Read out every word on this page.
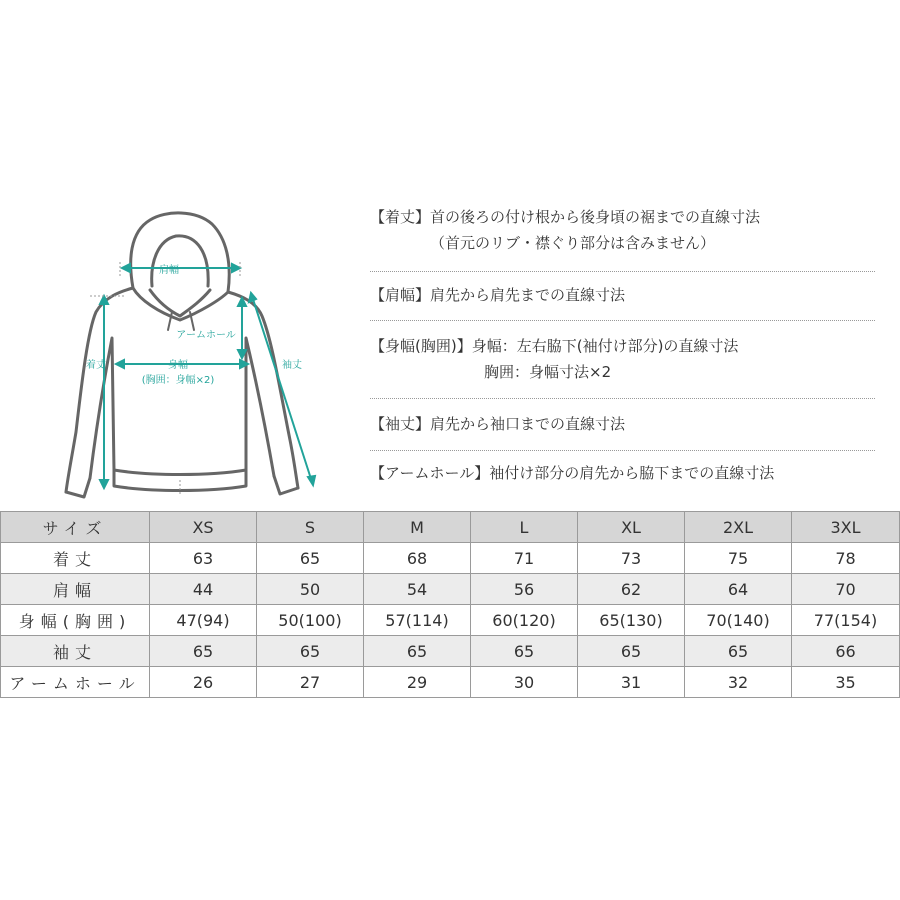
肩幅
アームホール
着丈	袖丈
身幅
(胸囲：身幅×2)
【着丈】首の後ろの付け根から後身頃の裾までの直線寸法
（首元のリブ・襟ぐり部分は含みません）
【肩幅】肩先から肩先までの直線寸法
【身幅(胸囲)】身幅：左右脇下(袖付け部分)の直線寸法
胸囲：身幅寸法×2
【袖丈】肩先から袖口までの直線寸法
【アームホール】袖付け部分の肩先から脇下までの直線寸法
サイズ	XS	S	M	L	XL	2XL	3XL
着丈	63	65	68	71	73	75	78
肩幅	44	50	54	56	62	64	70
身幅(胸囲)	47(94)	50(100)	57(114)	60(120)	65(130)	70(140)	77(154)
袖丈	65	65	65	65	65	65	66
アームホール	26	27	29	30	31	32	35
